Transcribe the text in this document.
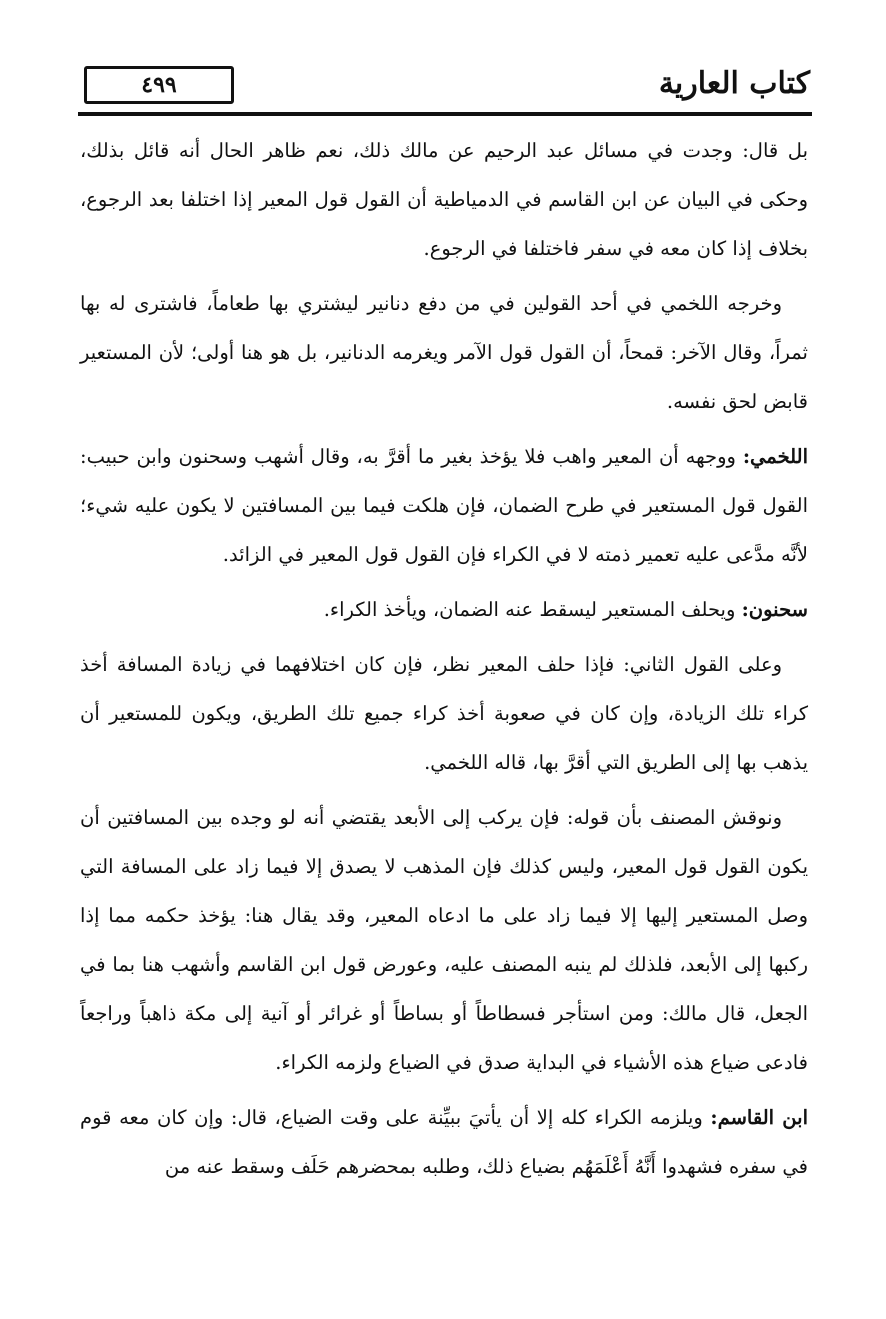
كتاب العارية
٤٩٩

بل قال: وجدت في مسائل عبد الرحيم عن مالك ذلك، نعم ظاهر الحال أنه قائل بذلك، وحكى في البيان عن ابن القاسم في الدمياطية أن القول قول المعير إذا اختلفا بعد الرجوع، بخلاف إذا كان معه في سفر فاختلفا في الرجوع.

وخرجه اللخمي في أحد القولين في من دفع دنانير ليشتري بها طعاماً، فاشترى له بها ثمراً، وقال الآخر: قمحاً، أن القول قول الآمر ويغرمه الدنانير، بل هو هنا أولى؛ لأن المستعير قابض لحق نفسه.

اللخمي: ووجهه أن المعير واهب فلا يؤخذ بغير ما أقرَّ به، وقال أشهب وسحنون وابن حبيب: القول قول المستعير في طرح الضمان، فإن هلكت فيما بين المسافتين لا يكون عليه شيء؛ لأنَّه مدَّعى عليه تعمير ذمته لا في الكراء فإن القول قول المعير في الزائد.

سحنون: ويحلف المستعير ليسقط عنه الضمان، ويأخذ الكراء.

وعلى القول الثاني: فإذا حلف المعير نظر، فإن كان اختلافهما في زيادة المسافة أخذ كراء تلك الزيادة، وإن كان في صعوبة أخذ كراء جميع تلك الطريق، ويكون للمستعير أن يذهب بها إلى الطريق التي أقرَّ بها، قاله اللخمي.

ونوقش المصنف بأن قوله: فإن يركب إلى الأبعد يقتضي أنه لو وجده بين المسافتين أن يكون القول قول المعير، وليس كذلك فإن المذهب لا يصدق إلا فيما زاد على المسافة التي وصل المستعير إليها إلا فيما زاد على ما ادعاه المعير، وقد يقال هنا: يؤخذ حكمه مما إذا ركبها إلى الأبعد، فلذلك لم ينبه المصنف عليه، وعورض قول ابن القاسم وأشهب هنا بما في الجعل، قال مالك: ومن استأجر فسطاطاً أو بساطاً أو غرائر أو آنية إلى مكة ذاهباً وراجعاً فادعى ضياع هذه الأشياء في البداية صدق في الضياع ولزمه الكراء.

ابن القاسم: ويلزمه الكراء كله إلا أن يأتيَ ببيِّنة على وقت الضياع، قال: وإن كان معه قوم في سفره فشهدوا أَنَّهُ أَعْلَمَهُم بضياع ذلك، وطلبه بمحضرهم حَلَف وسقط عنه من
